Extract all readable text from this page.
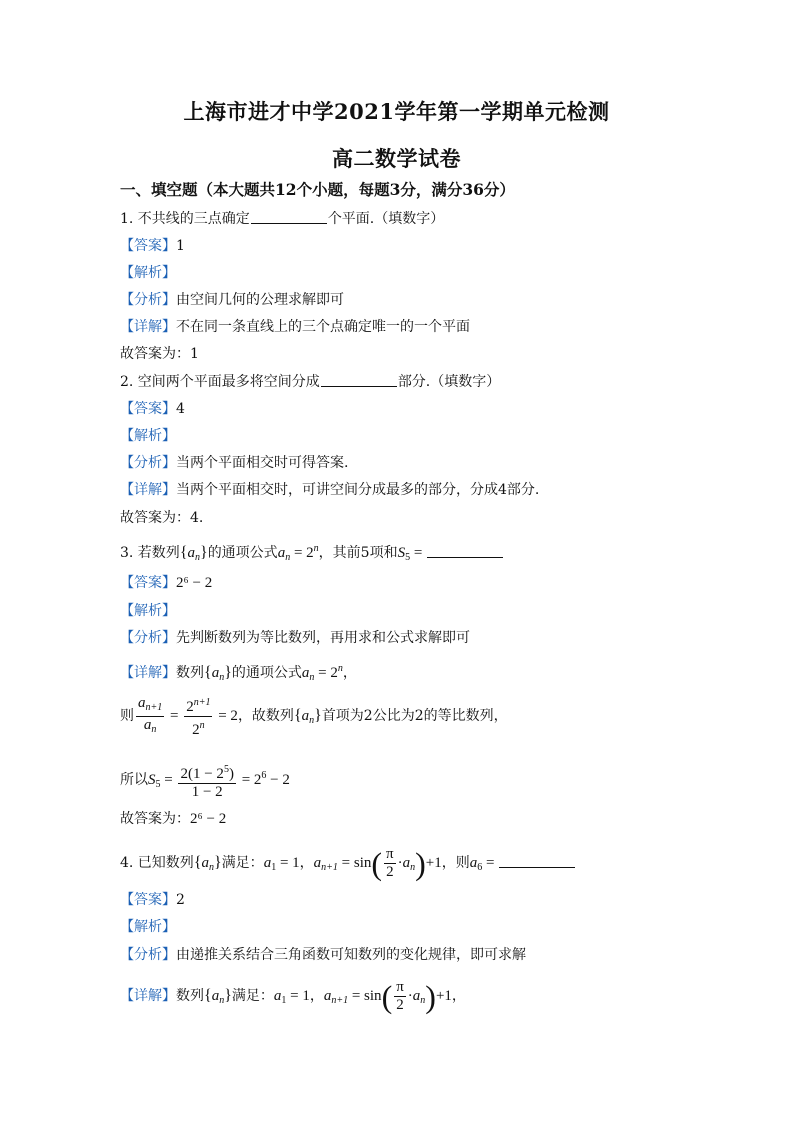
上海市进才中学2021学年第一学期单元检测
高二数学试卷
一、填空题（本大题共12个小题，每题3分，满分36分）
1. 不共线的三点确定	个平面.（填数字）
【答案】1
【解析】
【分析】由空间几何的公理求解即可
【详解】不在同一条直线上的三个点确定唯一的一个平面
故答案为：1
2. 空间两个平面最多将空间分成	部分.（填数字）
【答案】4
【解析】
【分析】当两个平面相交时可得答案.
【详解】当两个平面相交时，可讲空间分成最多的部分，分成4部分.
故答案为：4.
3. 若数列$\{a_n\}$的通项公式$a_n = 2^n$，其前5项和$S_5$ =
【答案】2⁶ − 2
【解析】
【分析】先判断数列为等比数列，再用求和公式求解即可
【详解】数列$\{a_n\}$的通项公式$a_n = 2^n$，
则 $\frac{a_{n+1}}{a_n} = \frac{2^{n+1}}{2^n} = 2$，故数列$\{a_n\}$首项为2公比为2的等比数列，
所以$S_5 = \frac{2(1 - 2^5)}{1 - 2} = 2^6 - 2$
故答案为：2⁶ − 2
4. 已知数列$\{a_n\}$满足：$a_1 = 1$，$a_{n+1} = \sin( \frac{\pi}{2} \cdot a_n)+1$，则$a_6$ =
【答案】2
【解析】
【分析】由递推关系结合三角函数可知数列的变化规律，即可求解
【详解】数列$\{a_n\}$满足：$a_1 = 1$，$a_{n+1} = \sin( \frac{\pi}{2} \cdot a_n)+1$，
